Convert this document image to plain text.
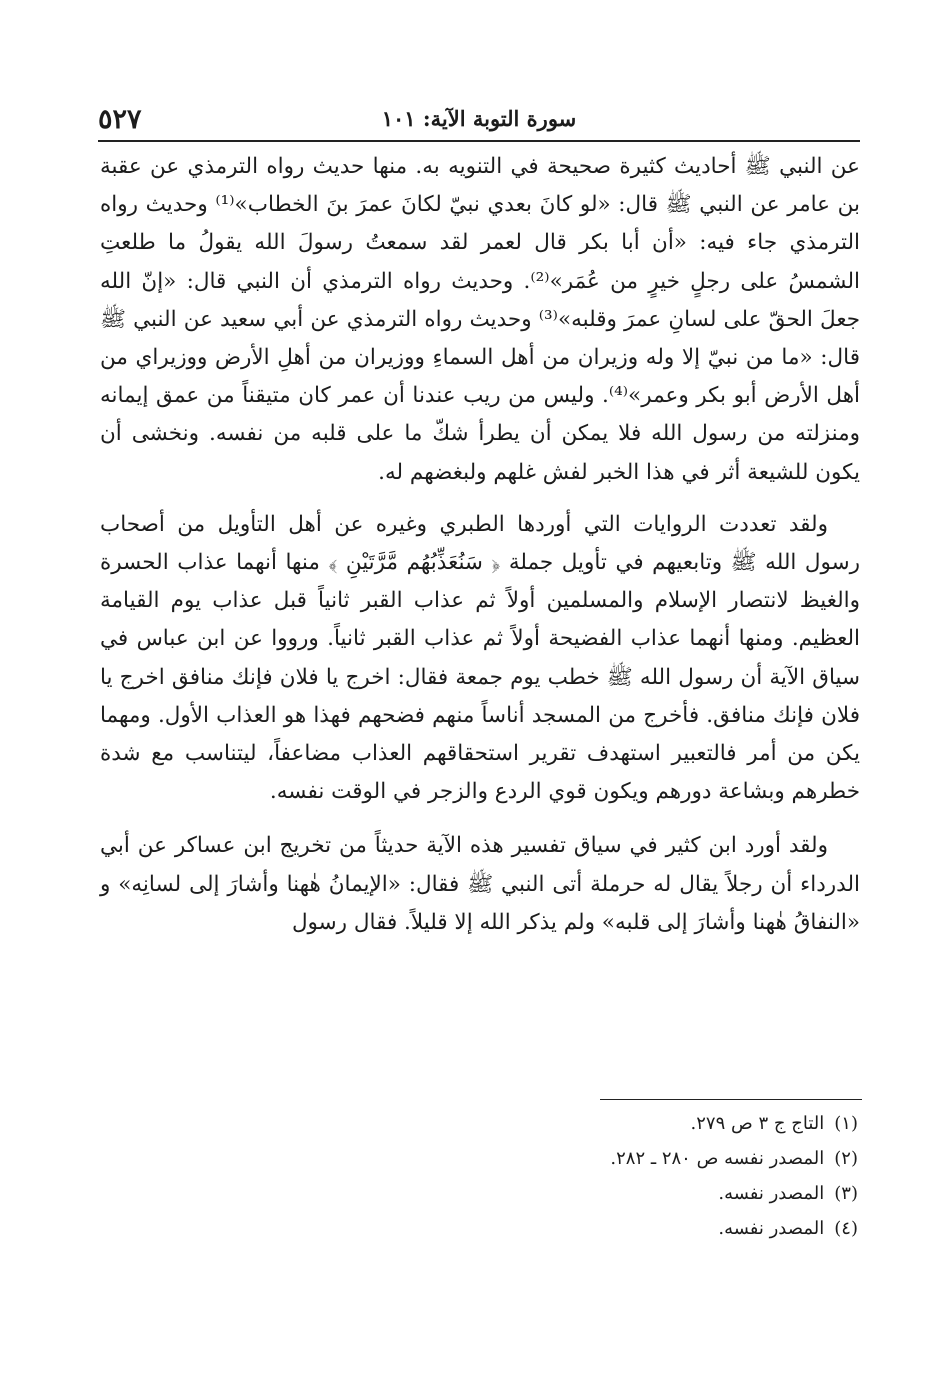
٥٢٧	سورة التوبة الآية: ١٠١

عن النبي ﷺ أحاديث كثيرة صحيحة في التنويه به. منها حديث رواه الترمذي عن عقبة بن عامر عن النبي ﷺ قال: «لو كانَ بعدي نبيّ لكانَ عمرَ بنَ الخطاب»⁽¹⁾ وحديث رواه الترمذي جاء فيه: «أن أبا بكر قال لعمر لقد سمعتُ رسولَ الله يقولُ ما طلعتِ الشمسُ على رجلٍ خيرٍ من عُمَر»⁽²⁾. وحديث رواه الترمذي أن النبي قال: «إنّ الله جعلَ الحقّ على لسانِ عمرَ وقلبه»⁽³⁾ وحديث رواه الترمذي عن أبي سعيد عن النبي ﷺ قال: «ما من نبيّ إلا وله وزيران من أهل السماءِ ووزيران من أهلِ الأرض ووزيراي من أهل الأرض أبو بكر وعمر»⁽⁴⁾. وليس من ريب عندنا أن عمر كان متيقناً من عمق إيمانه ومنزلته من رسول الله فلا يمكن أن يطرأ شكّ ما على قلبه من نفسه. ونخشى أن يكون للشيعة أثر في هذا الخبر لفش غلهم ولبغضهم له.

ولقد تعددت الروايات التي أوردها الطبري وغيره عن أهل التأويل من أصحاب رسول الله ﷺ وتابعيهم في تأويل جملة ﴿ سَنُعَذِّبُهُم مَّرَّتَيْنِ ﴾ منها أنهما عذاب الحسرة والغيظ لانتصار الإسلام والمسلمين أولاً ثم عذاب القبر ثانياً قبل عذاب يوم القيامة العظيم. ومنها أنهما عذاب الفضيحة أولاً ثم عذاب القبر ثانياً. ورووا عن ابن عباس في سياق الآية أن رسول الله ﷺ خطب يوم جمعة فقال: اخرج يا فلان فإنك منافق اخرج يا فلان فإنك منافق. فأخرج من المسجد أناساً منهم فضحهم فهذا هو العذاب الأول. ومهما يكن من أمر فالتعبير استهدف تقرير استحقاقهم العذاب مضاعفاً، ليتناسب مع شدة خطرهم وبشاعة دورهم ويكون قوي الردع والزجر في الوقت نفسه.

ولقد أورد ابن كثير في سياق تفسير هذه الآية حديثاً من تخريج ابن عساكر عن أبي الدرداء أن رجلاً يقال له حرملة أتى النبي ﷺ فقال: «الإيمانُ هٰهنا وأشارَ إلى لسانِه» و «النفاقُ هٰهنا وأشارَ إلى قلبه» ولم يذكر الله إلا قليلاً. فقال رسول

(١)التاج ج ٣ ص ٢٧٩.
(٢)المصدر نفسه ص ٢٨٠ ـ ٢٨٢.
(٣)المصدر نفسه.
(٤)المصدر نفسه.
